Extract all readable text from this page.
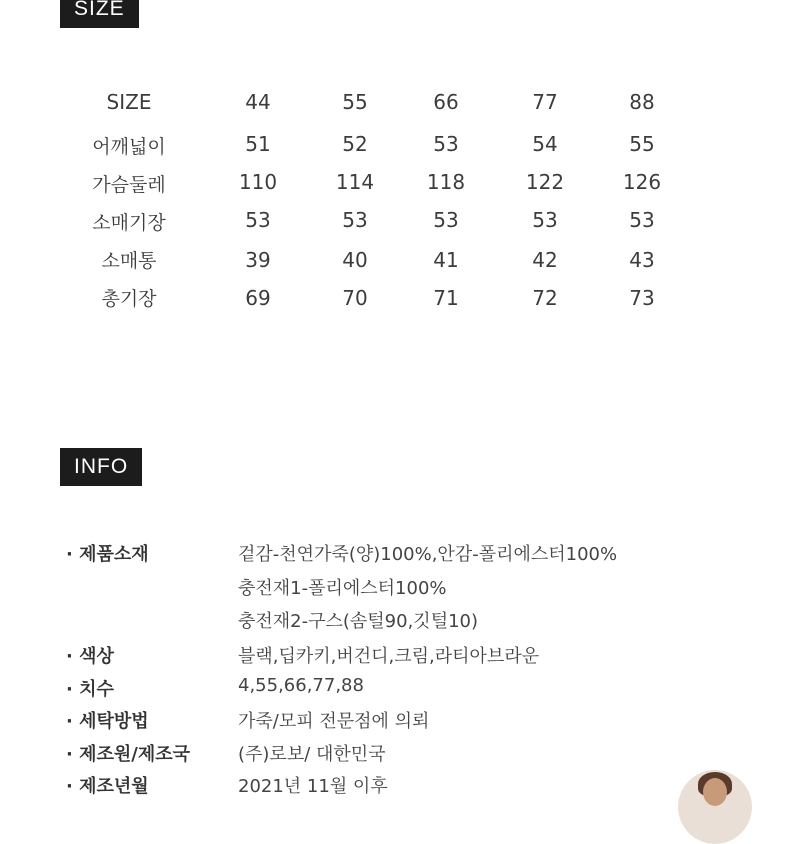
SIZE
SIZE	44	55	66	77	88
어깨넓이	51	52	53	54	55
가슴둘레	110	114	118	122	126
소매기장	53	53	53	53	53
소매통	39	40	41	42	43
총기장	69	70	71	72	73
INFO
· 제품소재	겉감-천연가죽(양)100%,안감-폴리에스터100%
충전재1-폴리에스터100%
충전재2-구스(솜털90,깃털10)
· 색상	블랙,딥카키,버건디,크림,라티아브라운
· 치수	4,55,66,77,88
· 세탁방법	가죽/모피 전문점에 의뢰
· 제조원/제조국	(주)로보/ 대한민국
· 제조년월	2021년 11월 이후
